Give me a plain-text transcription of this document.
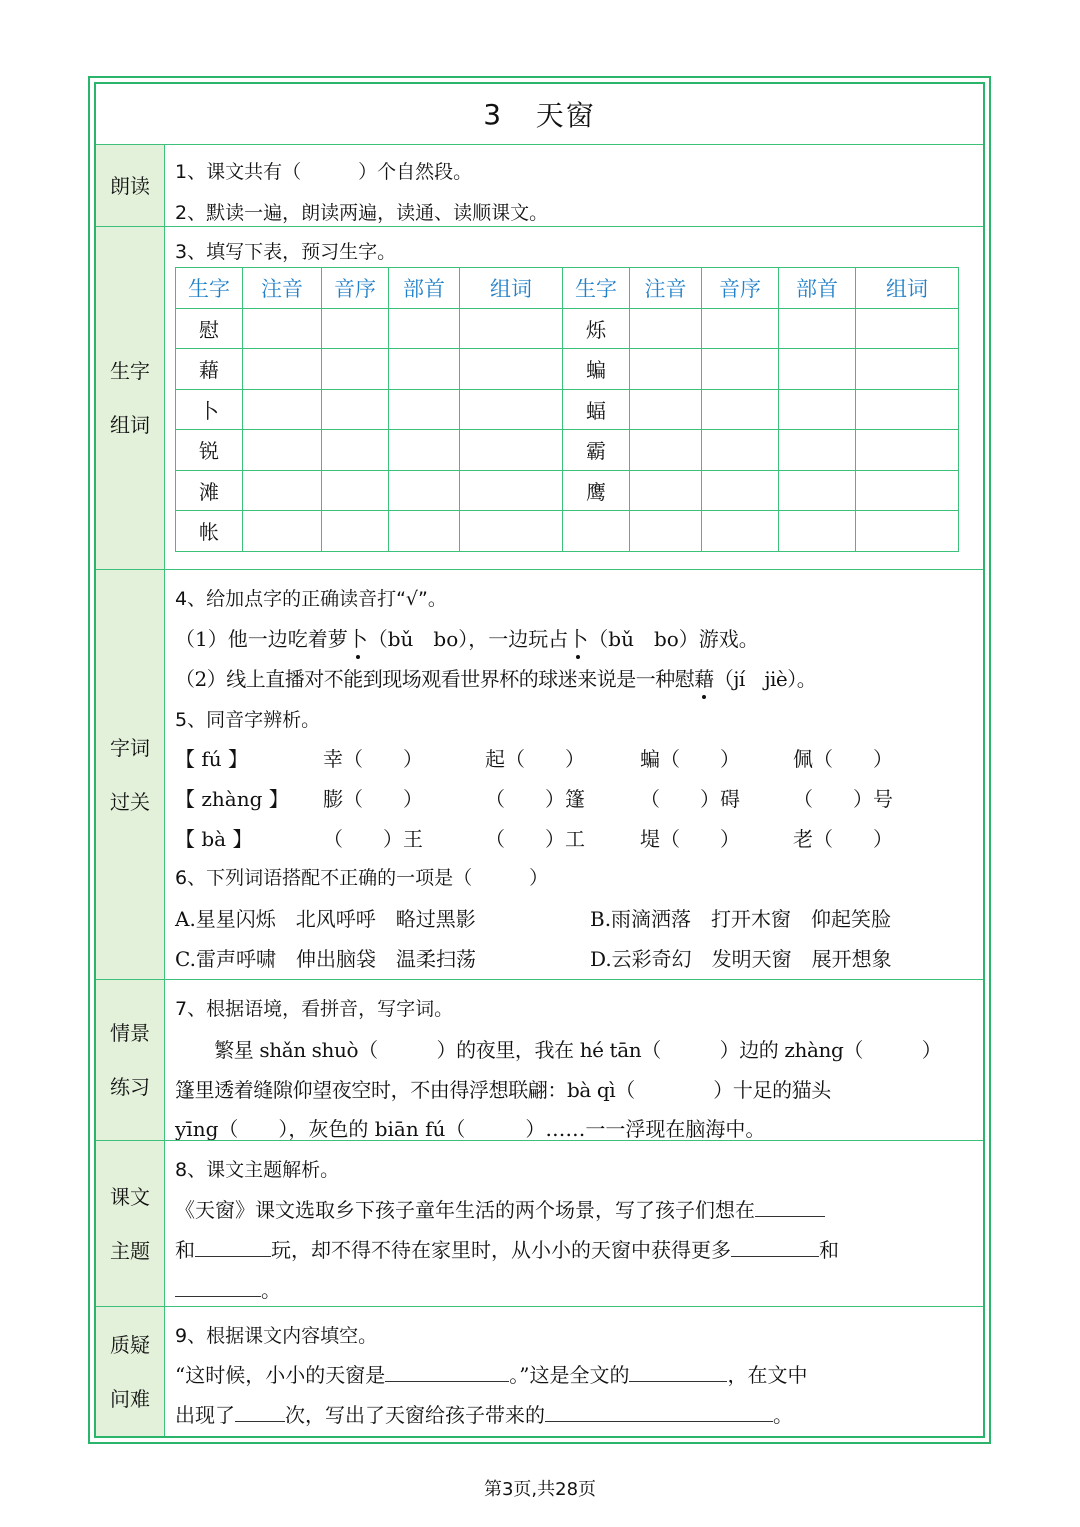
3
天窗
朗读
1、课文共有（　　　）个自然段。
2、默读一遍，朗读两遍，读通、读顺课文。
生字
组词
3、填写下表，预习生字。
生字	注音	音序	部首	组词	生字	注音	音序	部首	组词
慰					烁				
藉					蝙				
卜					蝠				
锐					霸				
滩					鹰				
帐									
字词
过关
4、给加点字的正确读音打“√”。
（1）他一边吃着萝卜（bǔ　bo），一边玩占卜（bǔ　bo）游戏。
（2）线上直播对不能到现场观看世界杯的球迷来说是一种慰藉（jí　jiè）。
5、同音字辨析。
【 fú 】	幸（　　）	起（　　）	蝙（　　）	佩（　　）
【 zhàng 】 膨（　　）	（　　）篷	（　　）碍	（　　）号
【 bà 】	（　　）王	（　　）工	堤（　　）	老（　　）
6、下列词语搭配不正确的一项是（　　　）
A.星星闪烁　北风呼呼　略过黑影	B.雨滴洒落　打开木窗　仰起笑脸
C.雷声呼啸　伸出脑袋　温柔扫荡	D.云彩奇幻　发明天窗　展开想象
情景
练习
7、根据语境，看拼音，写字词。
　　繁星 shǎn shuò（　　　）的夜里，我在 hé tān（　　　）边的 zhàng（　　　）
篷里透着缝隙仰望夜空时，不由得浮想联翩：bà qì（　　　　）十足的猫头
yīng（　　），灰色的 biān fú（　　　）……一一浮现在脑海中。
课文
主题
8、课文主题解析。
《天窗》课文选取乡下孩子童年生活的两个场景，写了孩子们想在
和	玩，却不得不待在家里时，从小小的天窗中获得更多	和
。
质疑
问难
9、根据课文内容填空。
“这时候，小小的天窗是	。”这是全文的	，在文中
出现了	次，写出了天窗给孩子带来的	。
第3页,共28页
